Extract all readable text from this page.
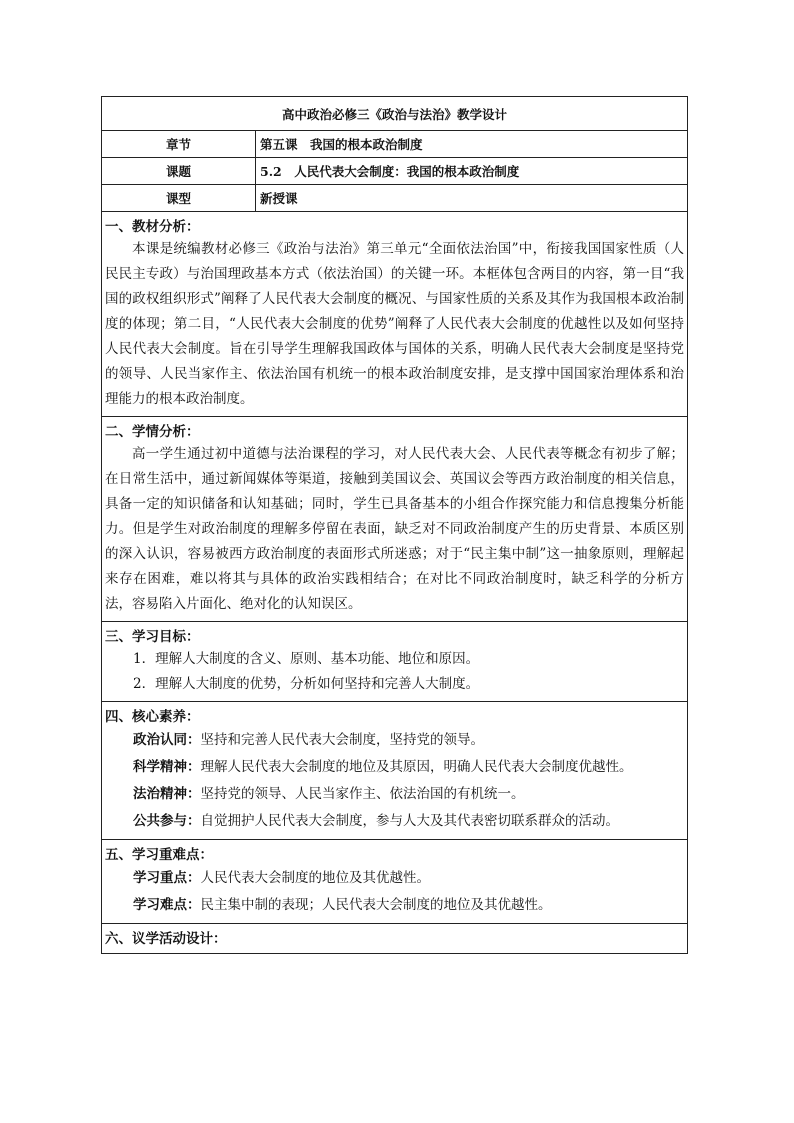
高中政治必修三《政治与法治》教学设计	
章节	第五课　我国的根本政治制度
课题	5.2　人民代表大会制度：我国的根本政治制度
课型	新授课

一、教材分析：
本课是统编教材必修三《政治与法治》第三单元“全面依法治国”中，衔接我国国家性质（人民民主专政）与治国理政基本方式（依法治国）的关键一环。本框体包含两目的内容，第一目“我国的政权组织形式”阐释了人民代表大会制度的概况、与国家性质的关系及其作为我国根本政治制度的体现；第二目，“人民代表大会制度的优势”阐释了人民代表大会制度的优越性以及如何坚持人民代表大会制度。旨在引导学生理解我国政体与国体的关系，明确人民代表大会制度是坚持党的领导、人民当家作主、依法治国有机统一的根本政治制度安排，是支撑中国国家治理体系和治理能力的根本政治制度。	

二、学情分析：
高一学生通过初中道德与法治课程的学习，对人民代表大会、人民代表等概念有初步了解；在日常生活中，通过新闻媒体等渠道，接触到美国议会、英国议会等西方政治制度的相关信息，具备一定的知识储备和认知基础；同时，学生已具备基本的小组合作探究能力和信息搜集分析能力。但是学生对政治制度的理解多停留在表面，缺乏对不同政治制度产生的历史背景、本质区别的深入认识，容易被西方政治制度的表面形式所迷惑；对于“民主集中制”这一抽象原则，理解起来存在困难，难以将其与具体的政治实践相结合；在对比不同政治制度时，缺乏科学的分析方法，容易陷入片面化、绝对化的认知误区。	

三、学习目标：
1．理解人大制度的含义、原则、基本功能、地位和原因。
2．理解人大制度的优势，分析如何坚持和完善人大制度。	

四、核心素养：
政治认同：坚持和完善人民代表大会制度，坚持党的领导。
科学精神：理解人民代表大会制度的地位及其原因，明确人民代表大会制度优越性。
法治精神：坚持党的领导、人民当家作主、依法治国的有机统一。
公共参与：自觉拥护人民代表大会制度，参与人大及其代表密切联系群众的活动。	

五、学习重难点：
学习重点：人民代表大会制度的地位及其优越性。
学习难点：民主集中制的表现；人民代表大会制度的地位及其优越性。	

六、议学活动设计：	
